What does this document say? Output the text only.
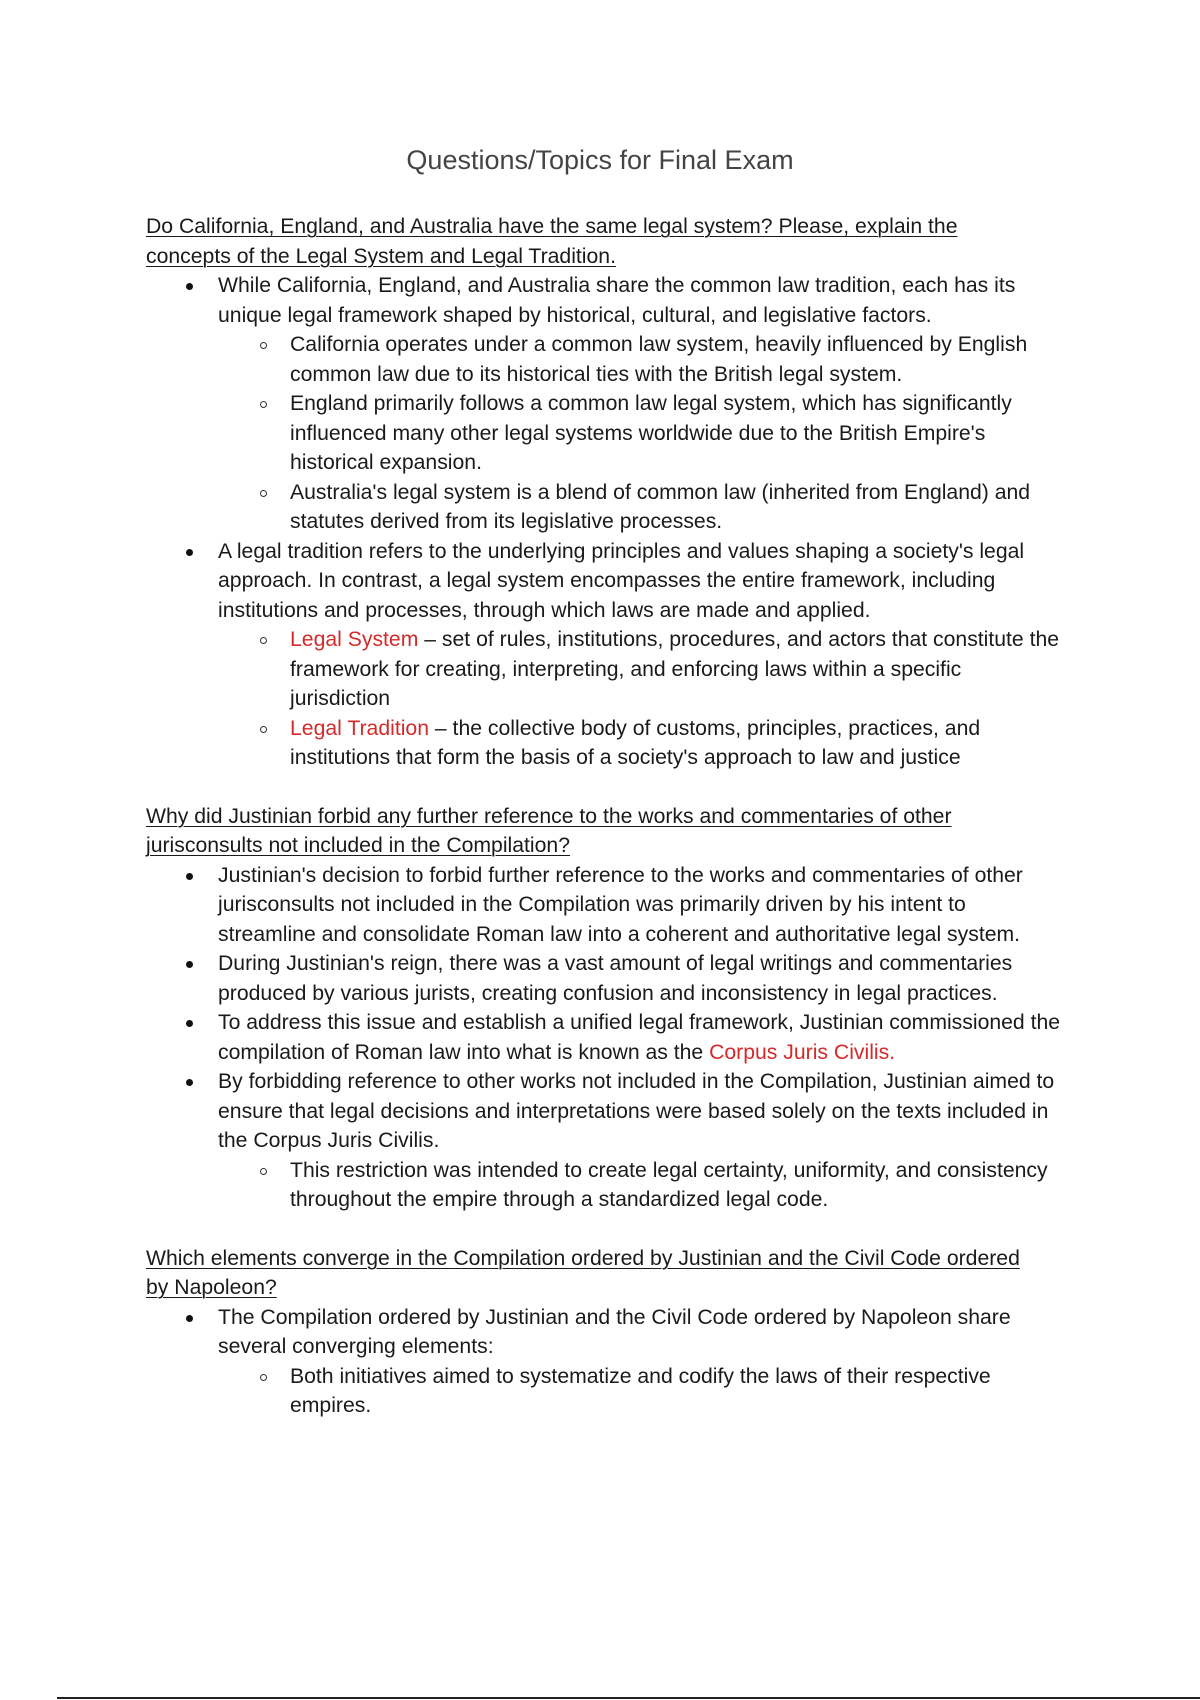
Questions/Topics for Final Exam

Do California, England, and Australia have the same legal system? Please, explain the concepts of the Legal System and Legal Tradition.

While California, England, and Australia share the common law tradition, each has its unique legal framework shaped by historical, cultural, and legislative factors.
California operates under a common law system, heavily influenced by English common law due to its historical ties with the British legal system.
England primarily follows a common law legal system, which has significantly influenced many other legal systems worldwide due to the British Empire's historical expansion.
Australia's legal system is a blend of common law (inherited from England) and statutes derived from its legislative processes.
A legal tradition refers to the underlying principles and values shaping a society's legal approach. In contrast, a legal system encompasses the entire framework, including institutions and processes, through which laws are made and applied.
Legal System – set of rules, institutions, procedures, and actors that constitute the framework for creating, interpreting, and enforcing laws within a specific jurisdiction
Legal Tradition – the collective body of customs, principles, practices, and institutions that form the basis of a society's approach to law and justice

Why did Justinian forbid any further reference to the works and commentaries of other jurisconsults not included in the Compilation?

Justinian's decision to forbid further reference to the works and commentaries of other jurisconsults not included in the Compilation was primarily driven by his intent to streamline and consolidate Roman law into a coherent and authoritative legal system.
During Justinian's reign, there was a vast amount of legal writings and commentaries produced by various jurists, creating confusion and inconsistency in legal practices.
To address this issue and establish a unified legal framework, Justinian commissioned the compilation of Roman law into what is known as the Corpus Juris Civilis.
By forbidding reference to other works not included in the Compilation, Justinian aimed to ensure that legal decisions and interpretations were based solely on the texts included in the Corpus Juris Civilis.
This restriction was intended to create legal certainty, uniformity, and consistency throughout the empire through a standardized legal code.

Which elements converge in the Compilation ordered by Justinian and the Civil Code ordered by Napoleon?

The Compilation ordered by Justinian and the Civil Code ordered by Napoleon share several converging elements:
Both initiatives aimed to systematize and codify the laws of their respective empires.
